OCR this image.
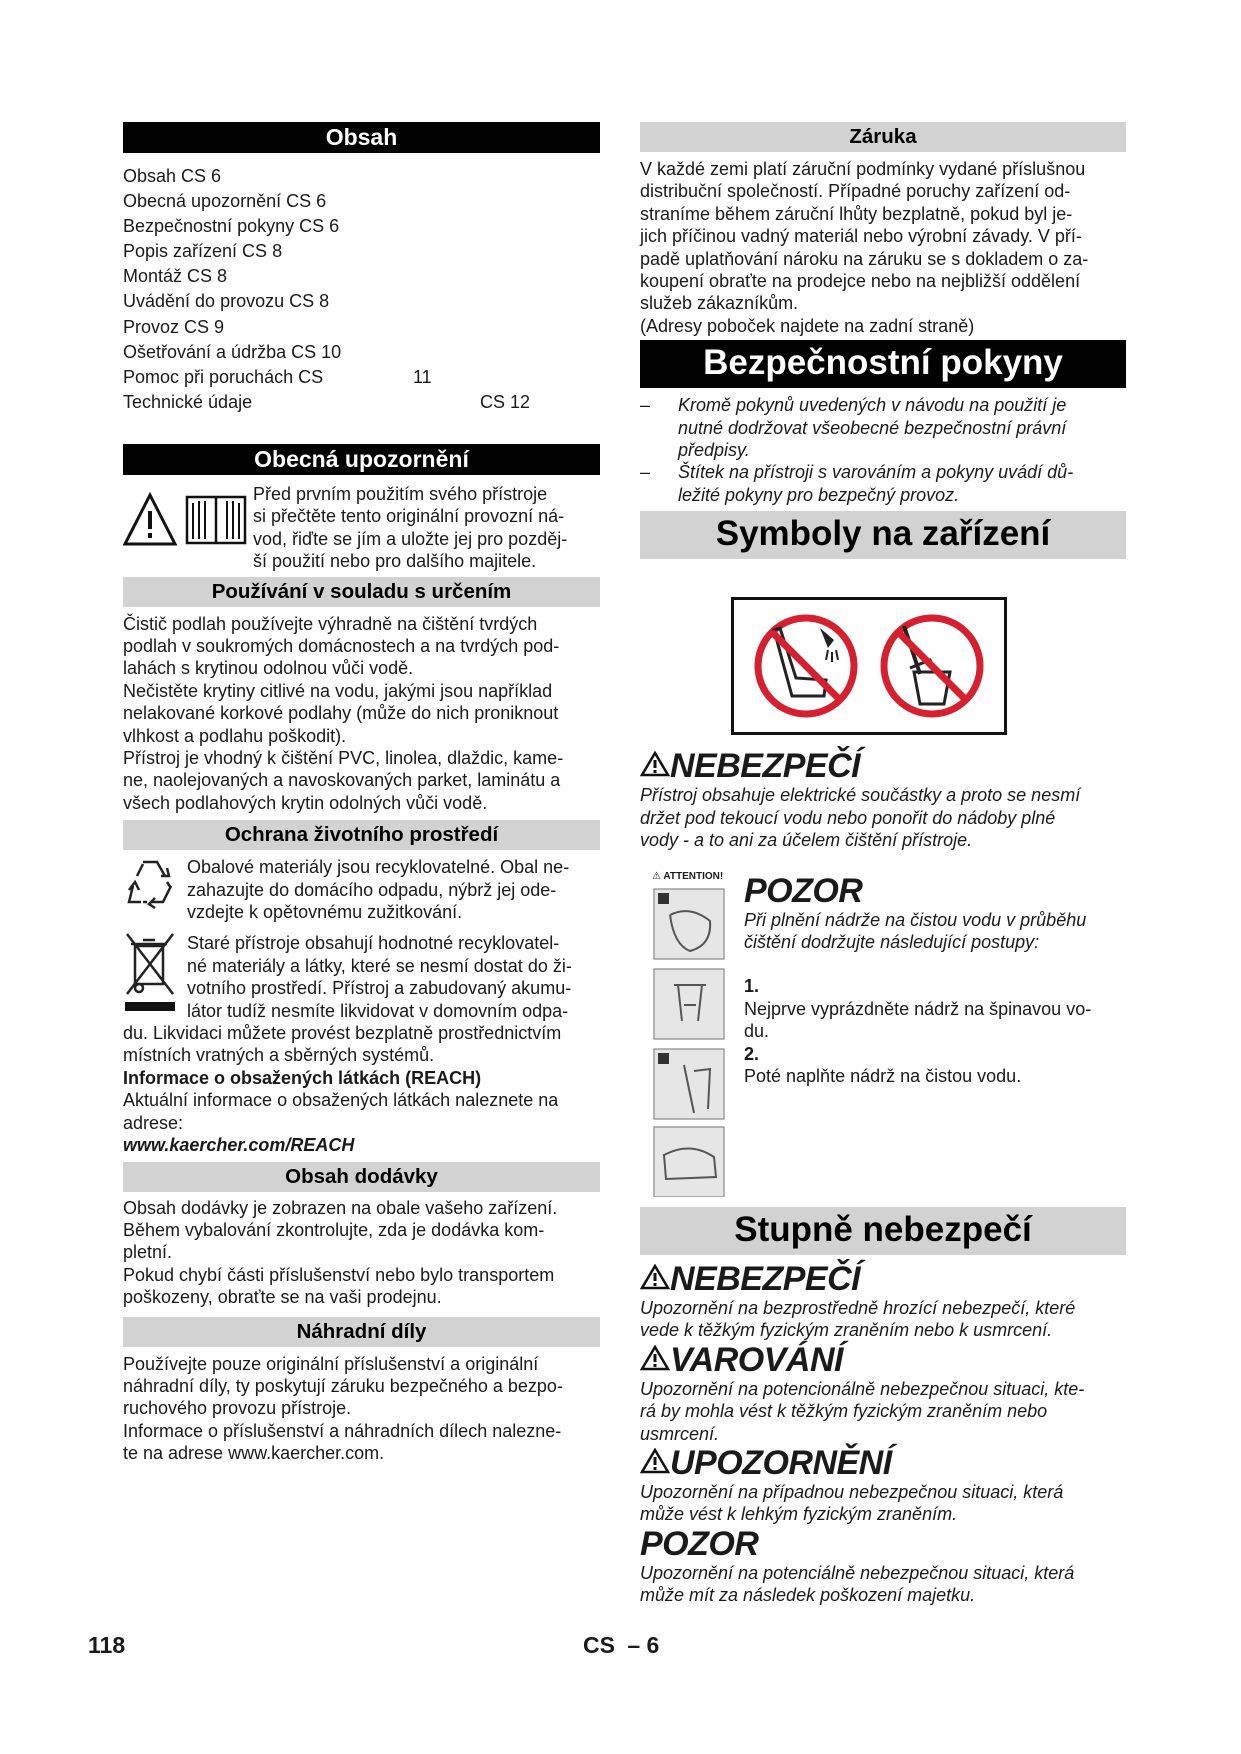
Obsah
Obsah CS 6
Obecná upozornění CS 6
Bezpečnostní pokyny CS 6
Popis zařízení CS 8
Montáž CS 8
Uvádění do provozu CS 8
Provoz CS 9
Ošetřování a údržba CS 10
Pomoc při poruchách CS	11
Technické údaje	CS 12
Obecná upozornění
Před prvním použitím svého přístroje
si přečtěte tento originální provozní ná-
vod, řiďte se jím a uložte jej pro pozděj-
ší použití nebo pro dalšího majitele.
Používání v souladu s určením
Čistič podlah používejte výhradně na čištění tvrdých
podlah v soukromých domácnostech a na tvrdých pod-
lahách s krytinou odolnou vůči vodě.
Nečistěte krytiny citlivé na vodu, jakými jsou například
nelakované korkové podlahy (může do nich proniknout
vlhkost a podlahu poškodit).
Přístroj je vhodný k čištění PVC, linolea, dlaždic, kame-
ne, naolejovaných a navoskovaných parket, laminátu a
všech podlahových krytin odolných vůči vodě.
Ochrana životního prostředí
Obalové materiály jsou recyklovatelné. Obal ne-
zahazujte do domácího odpadu, nýbrž jej ode-
vzdejte k opětovnému zužitkování.
Staré přístroje obsahují hodnotné recyklovatel-
né materiály a látky, které se nesmí dostat do ži-
votního prostředí. Přístroj a zabudovaný akumu-
látor tudíž nesmíte likvidovat v domovním odpa-
du. Likvidaci můžete provést bezplatně prostřednictvím
místních vratných a sběrných systémů.
Informace o obsažených látkách (REACH)
Aktuální informace o obsažených látkách naleznete na
adrese:
www.kaercher.com/REACH
Obsah dodávky
Obsah dodávky je zobrazen na obale vašeho zařízení.
Během vybalování zkontrolujte, zda je dodávka kom-
pletní.
Pokud chybí části příslušenství nebo bylo transportem
poškozeny, obraťte se na vaši prodejnu.
Náhradní díly
Používejte pouze originální příslušenství a originální
náhradní díly, ty poskytují záruku bezpečného a bezpo-
ruchového provozu přístroje.
Informace o příslušenství a náhradních dílech nalezne-
te na adrese www.kaercher.com.
Záruka
V každé zemi platí záruční podmínky vydané příslušnou
distribuční společností. Případné poruchy zařízení od-
straníme během záruční lhůty bezplatně, pokud byl je-
jich příčinou vadný materiál nebo výrobní závady. V pří-
padě uplatňování nároku na záruku se s dokladem o za-
koupení obraťte na prodejce nebo na nejbližší oddělení
služeb zákazníkům.
(Adresy poboček najdete na zadní straně)
Bezpečnostní pokyny
–	Kromě pokynů uvedených v návodu na použití je
nutné dodržovat všeobecné bezpečnostní právní
předpisy.
–	Štítek na přístroji s varováním a pokyny uvádí dů-
ležité pokyny pro bezpečný provoz.
Symboly na zařízení
NEBEZPEČÍ
Přístroj obsahuje elektrické součástky a proto se nesmí
držet pod tekoucí vodu nebo ponořit do nádoby plné
vody - a to ani za účelem čištění přístroje.
⚠ ATTENTION! POZOR
Při plnění nádrže na čistou vodu v průběhu
čištění dodržujte následující postupy:
1.
Nejprve vyprázdněte nádrž na špinavou vo-
du.
2.
Poté naplňte nádrž na čistou vodu.
Stupně nebezpečí
NEBEZPEČÍ
Upozornění na bezprostředně hrozící nebezpečí, které
vede k těžkým fyzickým zraněním nebo k usmrcení.
VAROVÁNÍ
Upozornění na potencionálně nebezpečnou situaci, kte-
rá by mohla vést k těžkým fyzickým zraněním nebo
usmrcení.
UPOZORNĚNÍ
Upozornění na případnou nebezpečnou situaci, která
může vést k lehkým fyzickým zraněním.
POZOR
Upozornění na potenciálně nebezpečnou situaci, která
může mít za následek poškození majetku.
118	CS – 6
